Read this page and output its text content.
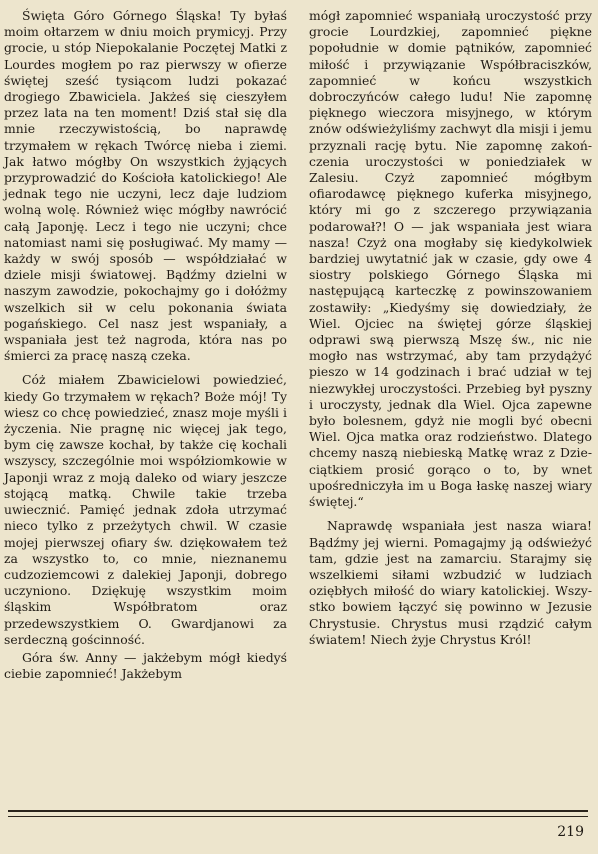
Święta Góro Górnego Śląska! Ty byłaś moim ołtarzem w dniu moich prymicyj. Przy grocie, u stóp Niepokalanie Poczętej Matki z Lourdes mogłem po raz pierwszy w ofierze świętej sześć tysiącom ludzi pokazać drogiego Zbawiciela. Jakżeś się cieszyłem przez lata na ten moment! Dziś stał się dla mnie rzeczywistością, bo naprawdę trzymałem w rękach Twórcę nieba i ziemi. Jak łatwo mógłby On wszystkich żyjących przyprowadzić do Kościoła katolickiego! Ale jednak tego nie uczyni, lecz daje ludziom wolną wolę. Również więc mógłby nawrócić całą Japonję. Lecz i tego nie uczyni; chce natomiast nami się posługiwać. My mamy — każdy w swój sposób — współdziałać w dziele misji światowej. Bądźmy dzielni w naszym zawodzie, pokochajmy go i dołóżmy wszelkich sił w celu pokonania świata pogańskiego. Cel nasz jest wspaniały, a wspaniała jest też nagroda, która nas po śmierci za pracę naszą czeka.

Cóż miałem Zbawicielowi powiedzieć, kiedy Go trzymałem w rękach? Boże mój! Ty wiesz co chcę powiedzieć, znasz moje myśli i życzenia. Nie pragnę nic więcej jak tego, bym cię zawsze kochał, by także cię kochali wszyscy, szczególnie moi współziomkowie w Japonji wraz z moją daleko od wiary jeszcze stojącą matką. Chwile takie trzeba uwiecznić. Pamięć jednak zdoła utrzymać nieco tylko z przeżytych chwil. W czasie mojej pierwszej ofiary św. dziękowałem też za wszystko to, co mnie, nieznanemu cudzoziemcowi z dalekiej Japonji, dobrego uczyniono. Dziękuję wszystkim moim śląskim Współbratom oraz przedewszystkiem O. Gwardjanowi za serdeczną gościnność.

Góra św. Anny — jakżebym mógł kiedyś ciebie zapomnieć! Jakżebym

mógł zapomnieć wspaniałą uroczystość przy grocie Lourdzkiej, zapomnieć piękne popołudnie w domie pątników, zapomnieć miłość i przywiązanie Współbraciszków, zapomnieć w końcu wszystkich dobroczyńców całego ludu! Nie zapomnę pięknego wieczora misyjnego, w którym znów odświeżyliśmy zachwyt dla misji i jemu przyznali rację bytu. Nie zapomnę zakończenia uroczystości w poniedziałek w Zalesiu. Czyż zapomnieć mógłbym ofiarodawcę pięknego kuferka misyjnego, który mi go z szczerego przywiązania podarował?! O — jak wspaniała jest wiara nasza! Czyż ona mogłaby się kiedykolwiek bardziej uwytatnić jak w czasie, gdy owe 4 siostry polskiego Górnego Śląska mi następującą karteczkę z powinszowaniem zostawiły: „Kiedyśmy się dowiedziały, że Wiel. Ojciec na świętej górze śląskiej odprawi swą pierwszą Mszę św., nic nie mogło nas wstrzymać, aby tam przydążyć pieszo w 14 godzinach i brać udział w tej niezwykłej uroczystości. Przebieg był pyszny i uroczysty, jednak dla Wiel. Ojca zapewne było bolesnem, gdyż nie mogli być obecni Wiel. Ojca matka oraz rodzieństwo. Dlatego chcemy naszą niebieską Matkę wraz z Dzieciątkiem prosić gorąco o to, by wnet upośredniczyła im u Boga łaskę naszej wiary świętej.“

Naprawdę wspaniała jest nasza wiara! Bądźmy jej wierni. Pomagajmy ją odświeżyć tam, gdzie jest na zamarciu. Starajmy się wszelkiemi siłami wzbudzić w ludziach oziębłych miłość do wiary katolickiej. Wszystko bowiem łączyć się powinno w Jezusie Chrystusie. Chrystus musi rządzić całym światem! Niech żyje Chrystus Król!

219
